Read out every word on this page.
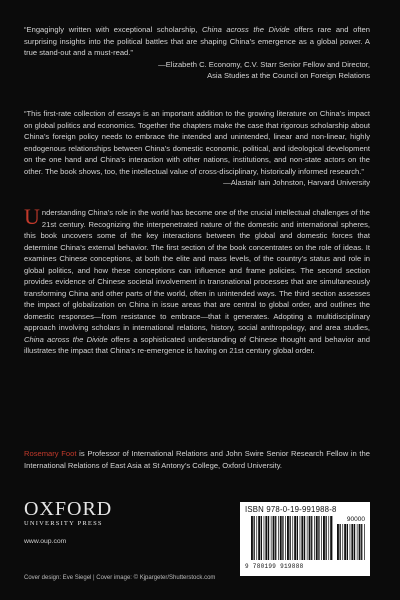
“Engagingly written with exceptional scholarship, China across the Divide offers rare and often surprising insights into the political battles that are shaping China’s emergence as a global power. A true stand-out and a must-read.”
—Elizabeth C. Economy, C.V. Starr Senior Fellow and Director,
Asia Studies at the Council on Foreign Relations
“This first-rate collection of essays is an important addition to the growing literature on China’s impact on global politics and economics. Together the chapters make the case that rigorous scholarship about China’s foreign policy needs to embrace the intended and unintended, linear and non-linear, highly endogenous relationships between China’s domestic economic, political, and ideological development on the one hand and China’s interaction with other nations, institutions, and non-state actors on the other. The book shows, too, the intellectual value of cross-disciplinary, historically informed research.”
—Alastair Iain Johnston, Harvard University
Understanding China’s role in the world has become one of the crucial intellectual challenges of the 21st century. Recognizing the interpenetrated nature of the domestic and international spheres, this book uncovers some of the key interactions between the global and domestic forces that determine China’s external behavior. The first section of the book concentrates on the role of ideas. It examines Chinese conceptions, at both the elite and mass levels, of the country’s status and role in global politics, and how these conceptions can influence and frame policies. The second section provides evidence of Chinese societal involvement in transnational processes that are simultaneously transforming China and other parts of the world, often in unintended ways. The third section assesses the impact of globalization on China in issue areas that are central to global order, and outlines the domestic responses—from resistance to embrace—that it generates. Adopting a multidisciplinary approach involving scholars in international relations, history, social anthropology, and area studies, China across the Divide offers a sophisticated understanding of Chinese thought and behavior and illustrates the impact that China’s re-emergence is having on 21st century global order.
Rosemary Foot is Professor of International Relations and John Swire Senior Research Fellow in the International Relations of East Asia at St Antony’s College, Oxford University.
OXFORD
UNIVERSITY PRESS
www.oup.com
Cover design: Eve Siegel | Cover image: © Kjpargeter/Shutterstock.com
ISBN 978-0-19-991988-8
90000
9 780199 919888
